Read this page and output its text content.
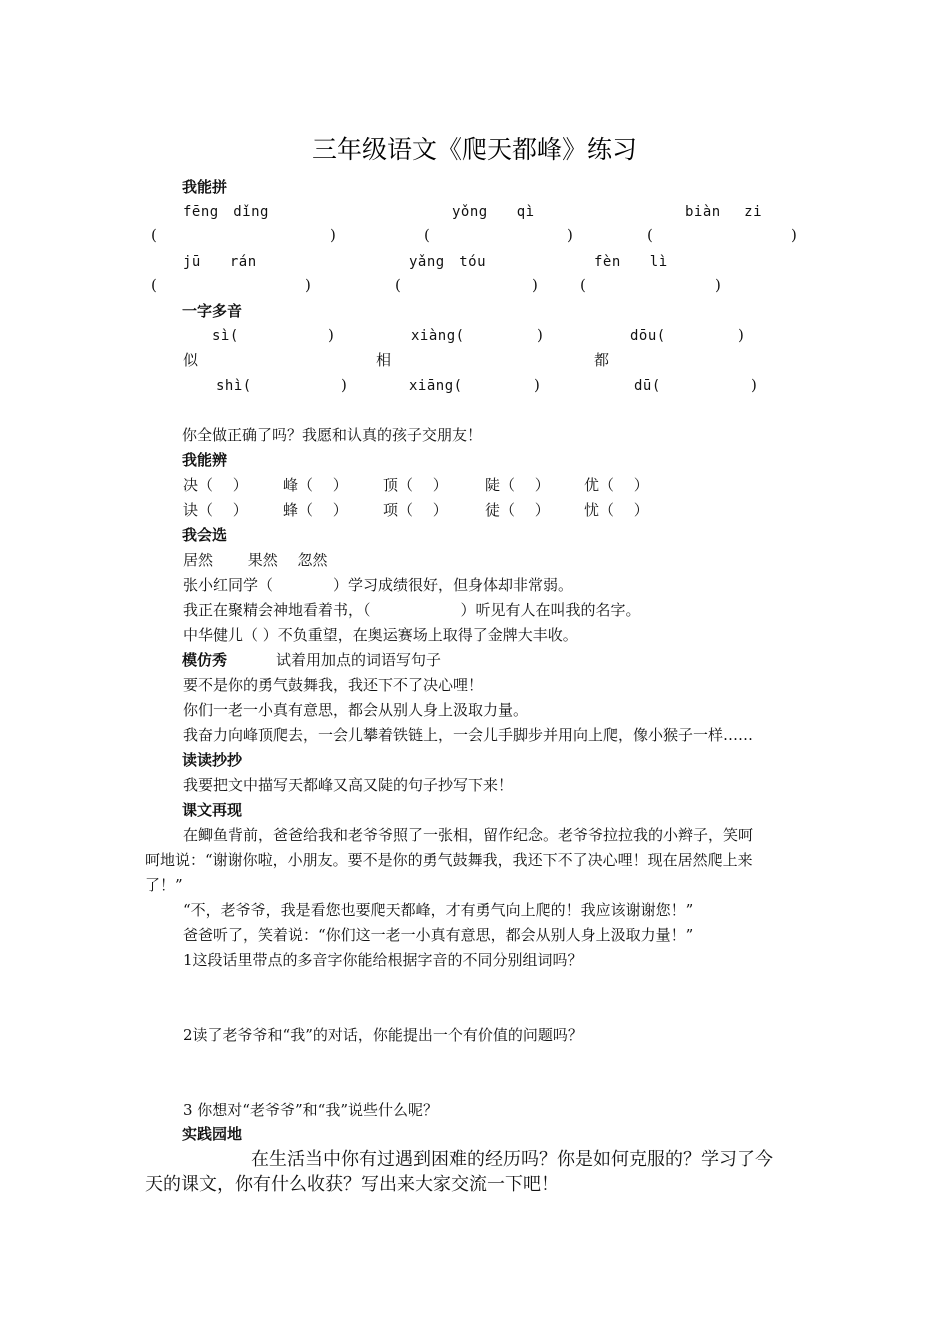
三年级语文《爬天都峰》练习
我能拼
fēng　dǐng	yǒng　　qì	biàn　 zi
(	)	(	)	(	)
jū　　rán	yǎng　tóu	fèn　　lì
(	)	(	)	(	)
一字多音
sì(	)	xiàng(	)	dōu(	)
似	相	都
shì(	)	xiāng(	)	dū(	)
你全做正确了吗？我愿和认真的孩子交朋友！
我能辨
决（　 ） 峰（　 ） 顶（　 ） 陡（　 ） 优（　 ）
诀（　 ） 蜂（　 ） 项（　 ） 徒（　 ） 忧（　 ）
我会选
居然　　 果然　 忽然
张小红同学（　　　　）学习成绩很好，但身体却非常弱。
我正在聚精会神地看着书，（　　　　　　）听见有人在叫我的名字。
中华健儿（ ）不负重望，在奥运赛场上取得了金牌大丰收。
模仿秀	试着用加点的词语写句子
要不是你的勇气鼓舞我，我还下不了决心哩！
你们一老一小真有意思，都会从别人身上汲取力量。
我奋力向峰顶爬去，一会儿攀着铁链上，一会儿手脚步并用向上爬，像小猴子一样……
读读抄抄
我要把文中描写天都峰又高又陡的句子抄写下来！
课文再现
在鲫鱼背前，爸爸给我和老爷爷照了一张相，留作纪念。老爷爷拉拉我的小辫子，笑呵
呵地说：“谢谢你啦，小朋友。要不是你的勇气鼓舞我，我还下不了决心哩！现在居然爬上来
了！”
“不，老爷爷，我是看您也要爬天都峰，才有勇气向上爬的！我应该谢谢您！”
爸爸听了，笑着说：“你们这一老一小真有意思，都会从别人身上汲取力量！”
1这段话里带点的多音字你能给根据字音的不同分别组词吗？
2读了老爷爷和“我”的对话，你能提出一个有价值的问题吗？
3 你想对“老爷爷”和“我”说些什么呢？
实践园地
在生活当中你有过遇到困难的经历吗？你是如何克服的？学习了今
天的课文，你有什么收获？写出来大家交流一下吧！
